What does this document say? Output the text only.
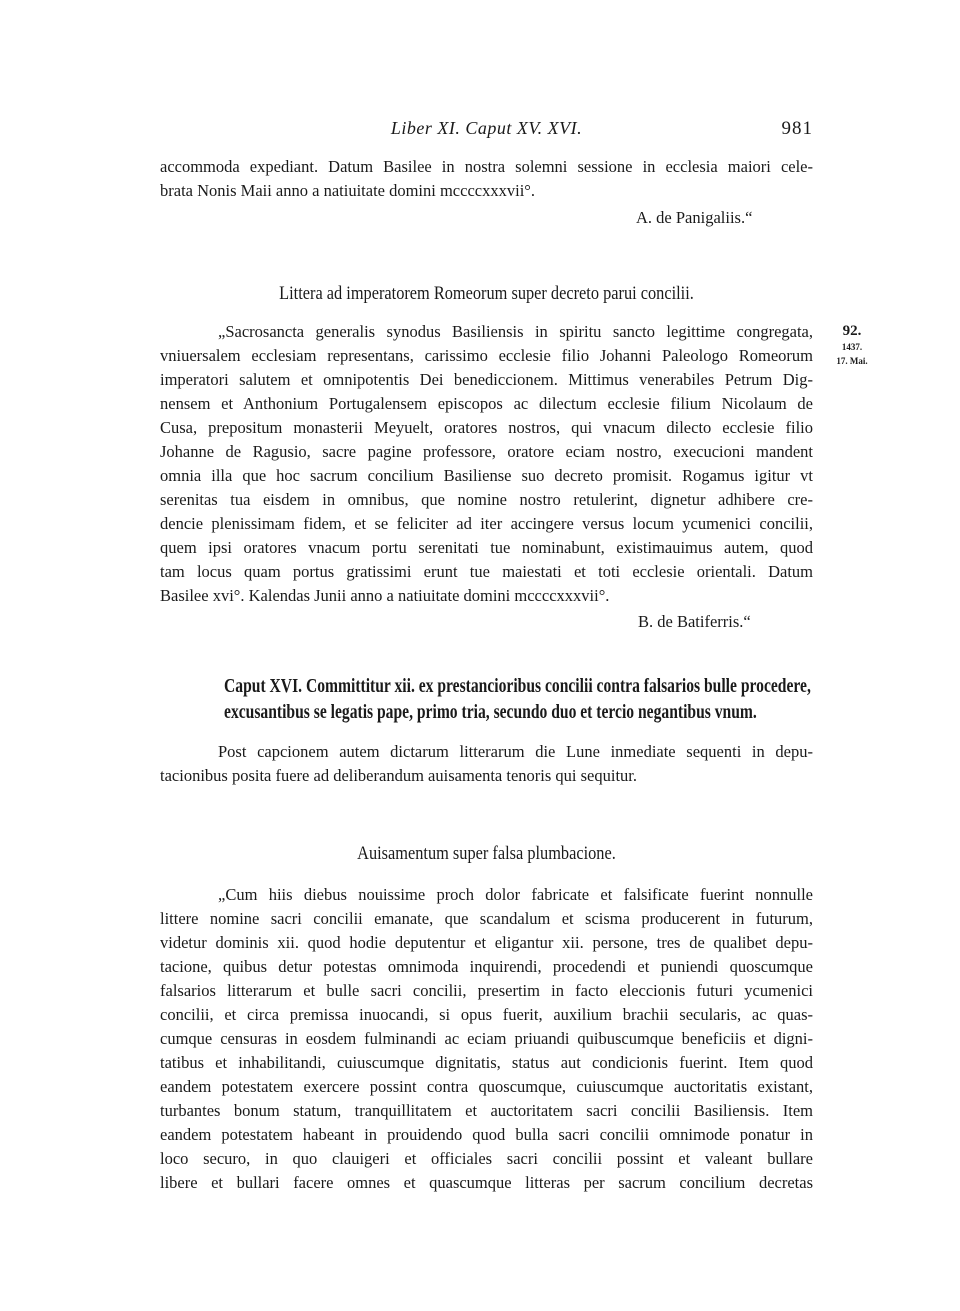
Liber XI. Caput XV. XVI.	981
accommoda expediant. Datum Basilee in nostra solemni sessione in ecclesia maiori cele-
brata Nonis Maii anno a natiuitate domini mccccxxxvii°.
A. de Panigaliis.“
Littera ad imperatorem Romeorum super decreto parui concilii.
„Sacrosancta generalis synodus Basiliensis in spiritu sancto legittime congregata,
vniuersalem ecclesiam representans, carissimo ecclesie filio Johanni Paleologo Romeorum
imperatori salutem et omnipotentis Dei benediccionem. Mittimus venerabiles Petrum Dig-
nensem et Anthonium Portugalensem episcopos ac dilectum ecclesie filium Nicolaum de
Cusa, prepositum monasterii Meyuelt, oratores nostros, qui vnacum dilecto ecclesie filio
Johanne de Ragusio, sacre pagine professore, oratore eciam nostro, execucioni mandent
omnia illa que hoc sacrum concilium Basiliense suo decreto promisit. Rogamus igitur vt
serenitas tua eisdem in omnibus, que nomine nostro retulerint, dignetur adhibere cre-
dencie plenissimam fidem, et se feliciter ad iter accingere versus locum ycumenici concilii,
quem ipsi oratores vnacum portu serenitati tue nominabunt, existimauimus autem, quod
tam locus quam portus gratissimi erunt tue maiestati et toti ecclesie orientali. Datum
Basilee xvi°. Kalendas Junii anno a natiuitate domini mccccxxxvii°.
B. de Batiferris.“
92.
1437.
17. Mai.
Caput XVI. Committitur xii. ex prestancioribus concilii contra falsarios bulle procedere,
excusantibus se legatis pape, primo tria, secundo duo et tercio negantibus vnum.
Post capcionem autem dictarum litterarum die Lune inmediate sequenti in depu-
tacionibus posita fuere ad deliberandum auisamenta tenoris qui sequitur.
Auisamentum super falsa plumbacione.
„Cum hiis diebus nouissime proch dolor fabricate et falsificate fuerint nonnulle
littere nomine sacri concilii emanate, que scandalum et scisma producerent in futurum,
videtur dominis xii. quod hodie deputentur et eligantur xii. persone, tres de qualibet depu-
tacione, quibus detur potestas omnimoda inquirendi, procedendi et puniendi quoscumque
falsarios litterarum et bulle sacri concilii, presertim in facto eleccionis futuri ycumenici
concilii, et circa premissa inuocandi, si opus fuerit, auxilium brachii secularis, ac quas-
cumque censuras in eosdem fulminandi ac eciam priuandi quibuscumque beneficiis et digni-
tatibus et inhabilitandi, cuiuscumque dignitatis, status aut condicionis fuerint. Item quod
eandem potestatem exercere possint contra quoscumque, cuiuscumque auctoritatis existant,
turbantes bonum statum, tranquillitatem et auctoritatem sacri concilii Basiliensis. Item
eandem potestatem habeant in prouidendo quod bulla sacri concilii omnimode ponatur in
loco securo, in quo clauigeri et officiales sacri concilii possint et valeant bullare
libere et bullari facere omnes et quascumque litteras per sacrum concilium decretas
